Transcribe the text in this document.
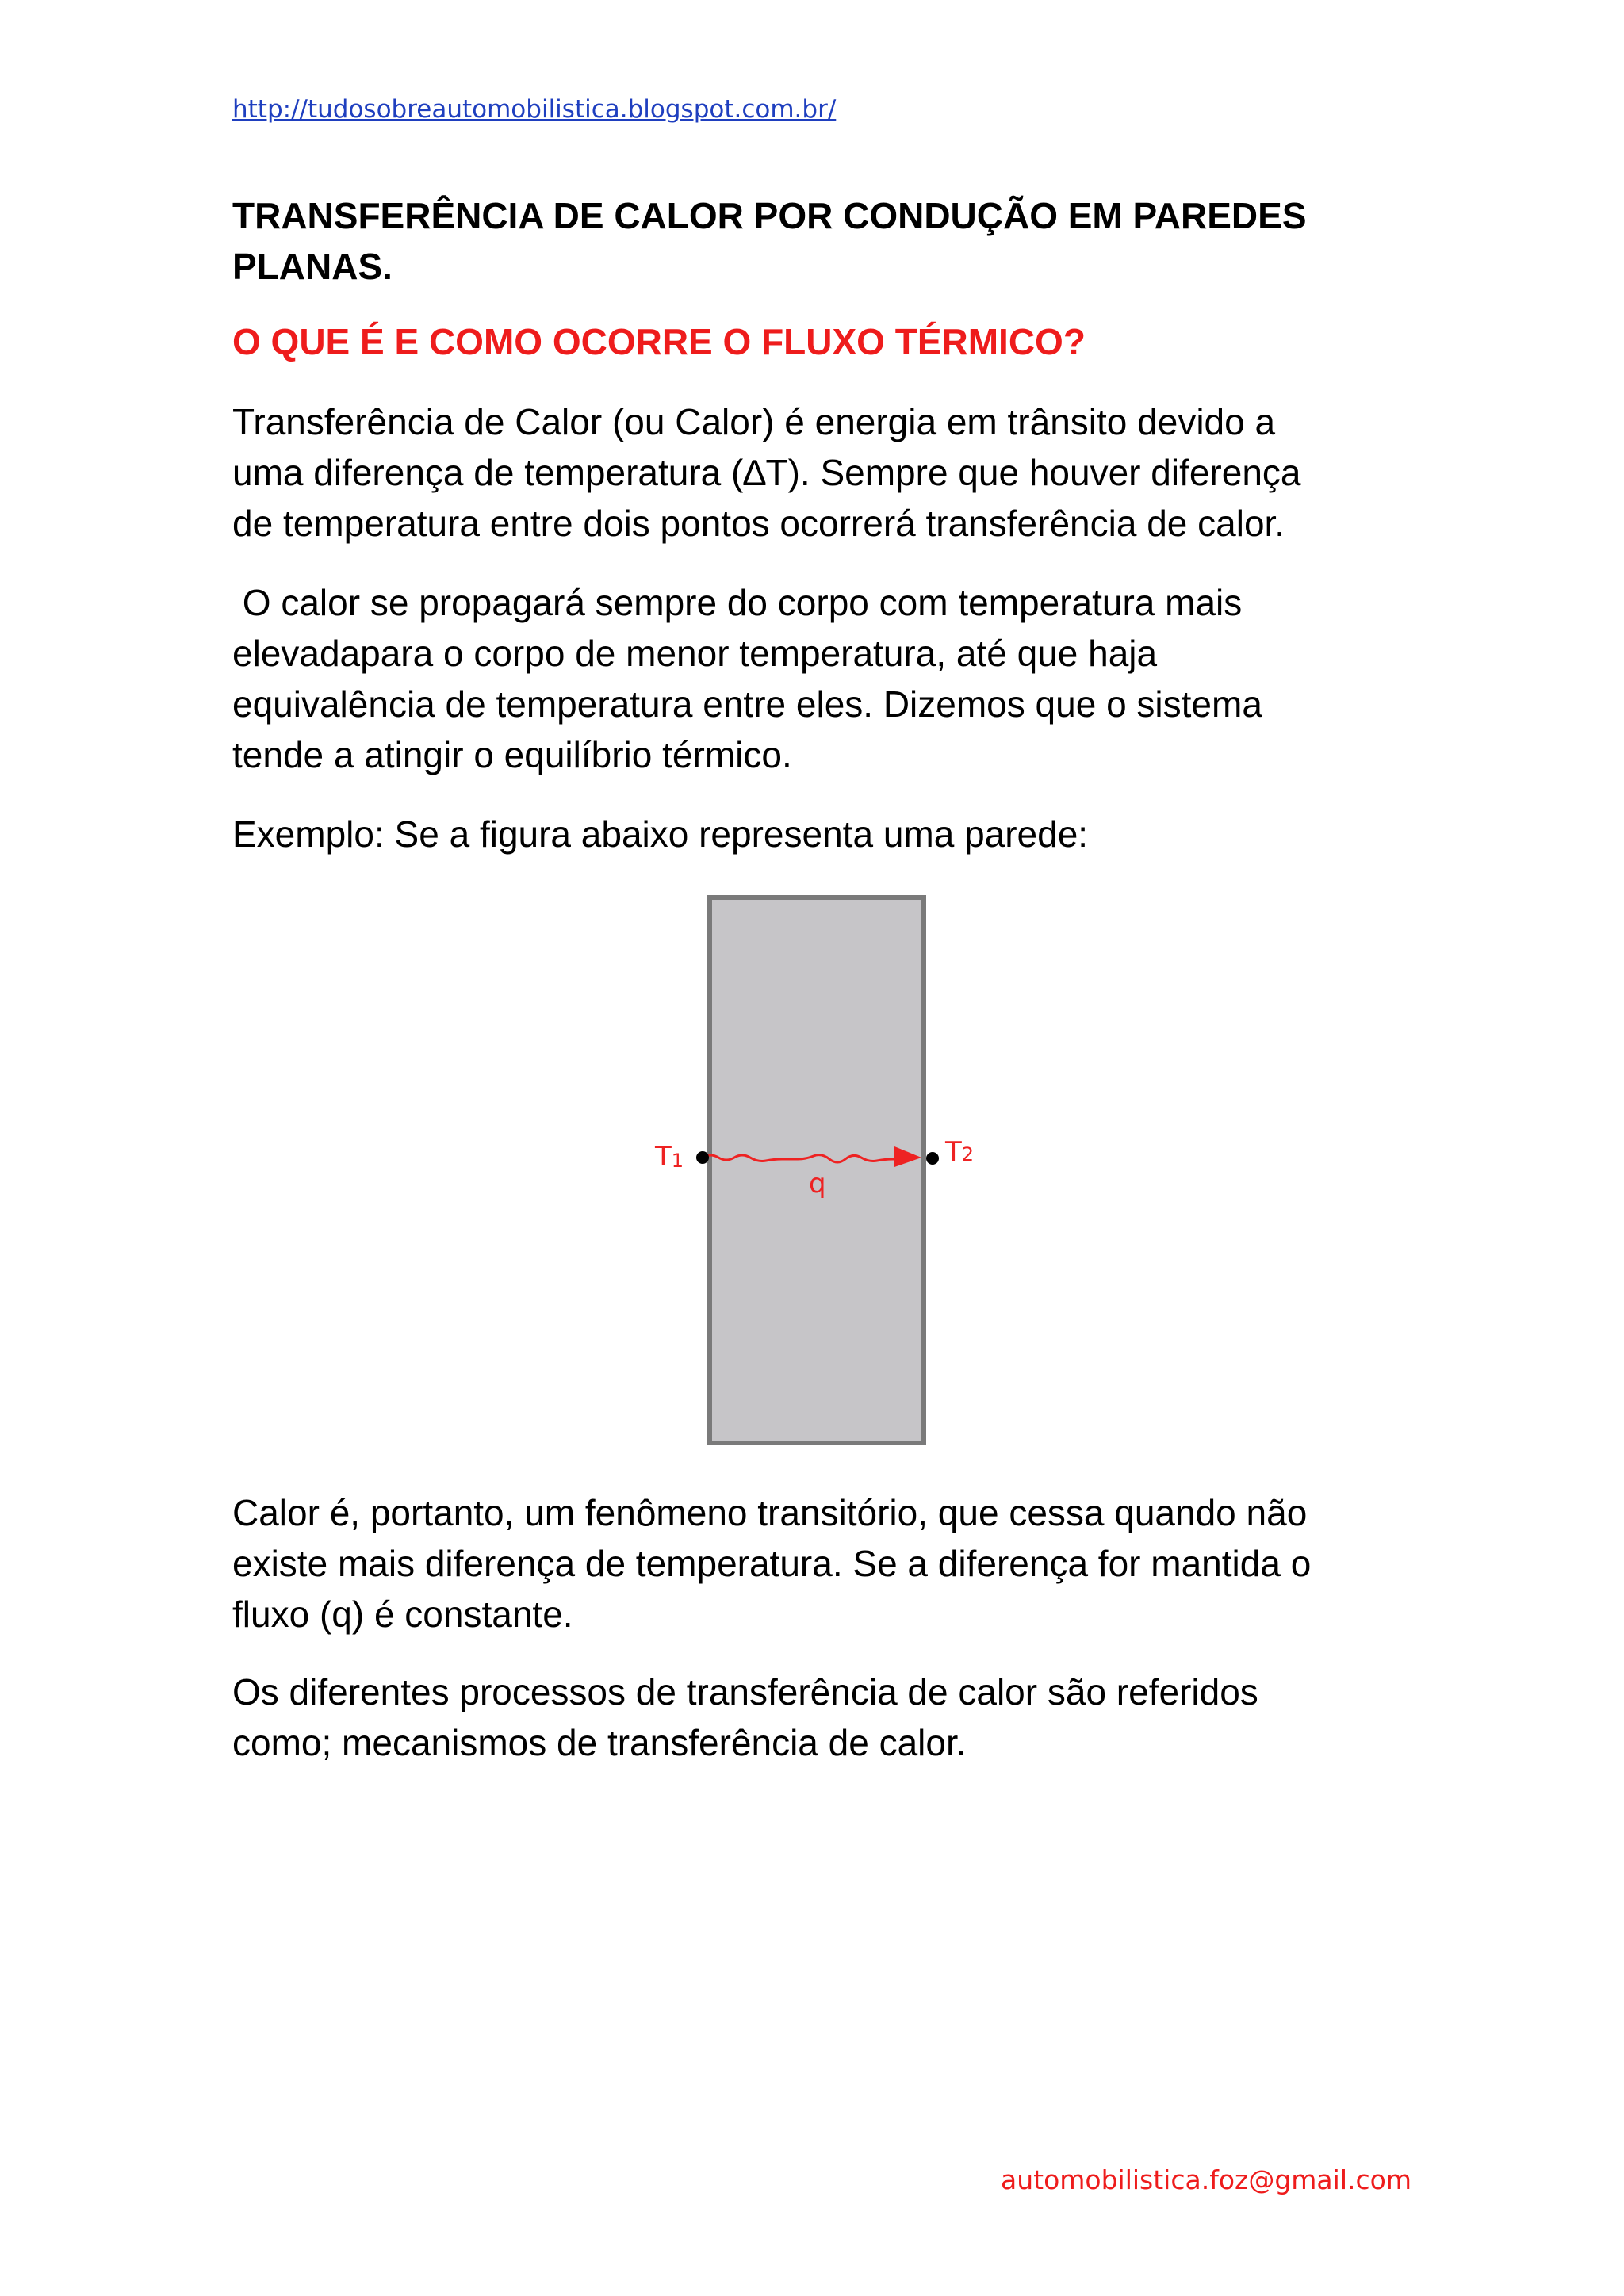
http://tudosobreautomobilistica.blogspot.com.br/
TRANSFERÊNCIA DE CALOR POR CONDUÇÃO EM PAREDES
PLANAS.
O QUE É E COMO OCORRE O FLUXO TÉRMICO?

Transferência de Calor (ou Calor) é energia em trânsito devido a
uma diferença de temperatura (∆T). Sempre que houver diferença
de temperatura entre dois pontos ocorrerá transferência de calor.

O calor se propagará sempre do corpo com temperatura mais
elevadapara o corpo de menor temperatura, até que haja
equivalência de temperatura entre eles. Dizemos que o sistema
tende a atingir o equilíbrio térmico.

Exemplo: Se a figura abaixo representa uma parede:

T1	T2
q

Calor é, portanto, um fenômeno transitório, que cessa quando não
existe mais diferença de temperatura. Se a diferença for mantida o
fluxo (q) é constante.

Os diferentes processos de transferência de calor são referidos
como; mecanismos de transferência de calor.

automobilistica.foz@gmail.com
